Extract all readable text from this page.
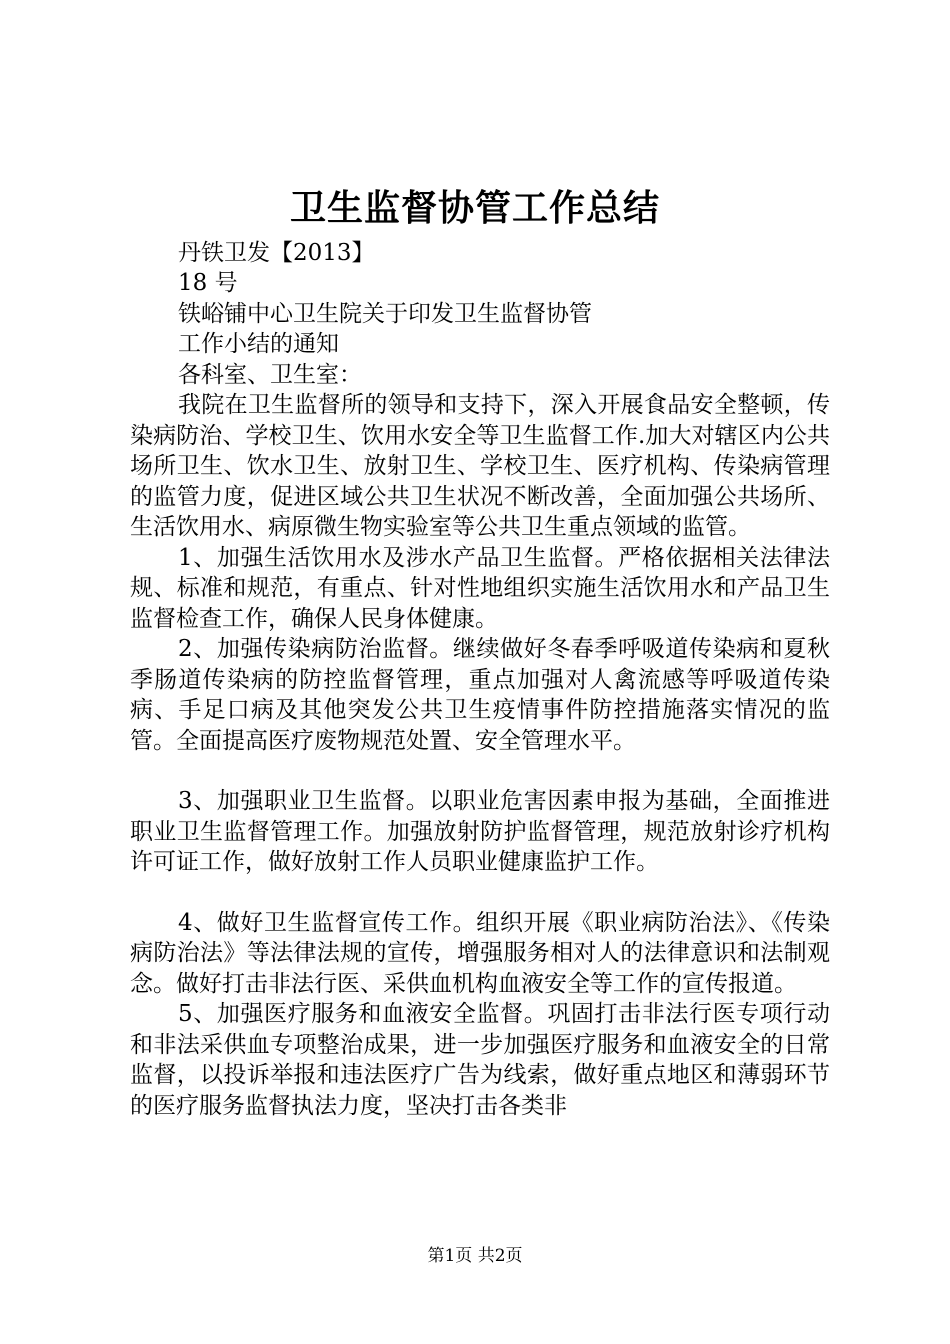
卫生监督协管工作总结
丹铁卫发【2013】
18 号
铁峪铺中心卫生院关于印发卫生监督协管
工作小结的通知
各科室、卫生室：

我院在卫生监督所的领导和支持下，深入开展食品安全整顿，传染病防治、学校卫生、饮用水安全等卫生监督工作.加大对辖区内公共场所卫生、饮水卫生、放射卫生、学校卫生、医疗机构、传染病管理的监管力度，促进区域公共卫生状况不断改善，全面加强公共场所、生活饮用水、病原微生物实验室等公共卫生重点领域的监管。

1、加强生活饮用水及涉水产品卫生监督。严格依据相关法律法规、标准和规范，有重点、针对性地组织实施生活饮用水和产品卫生监督检查工作，确保人民身体健康。

2、加强传染病防治监督。继续做好冬春季呼吸道传染病和夏秋季肠道传染病的防控监督管理，重点加强对人禽流感等呼吸道传染病、手足口病及其他突发公共卫生疫情事件防控措施落实情况的监管。全面提高医疗废物规范处置、安全管理水平。

3、加强职业卫生监督。以职业危害因素申报为基础，全面推进职业卫生监督管理工作。加强放射防护监督管理，规范放射诊疗机构许可证工作，做好放射工作人员职业健康监护工作。

4、做好卫生监督宣传工作。组织开展《职业病防治法》、《传染病防治法》等法律法规的宣传，增强服务相对人的法律意识和法制观念。做好打击非法行医、采供血机构血液安全等工作的宣传报道。

5、加强医疗服务和血液安全监督。巩固打击非法行医专项行动和非法采供血专项整治成果，进一步加强医疗服务和血液安全的日常监督，以投诉举报和违法医疗广告为线索，做好重点地区和薄弱环节的医疗服务监督执法力度，坚决打击各类非

第1页 共2页
